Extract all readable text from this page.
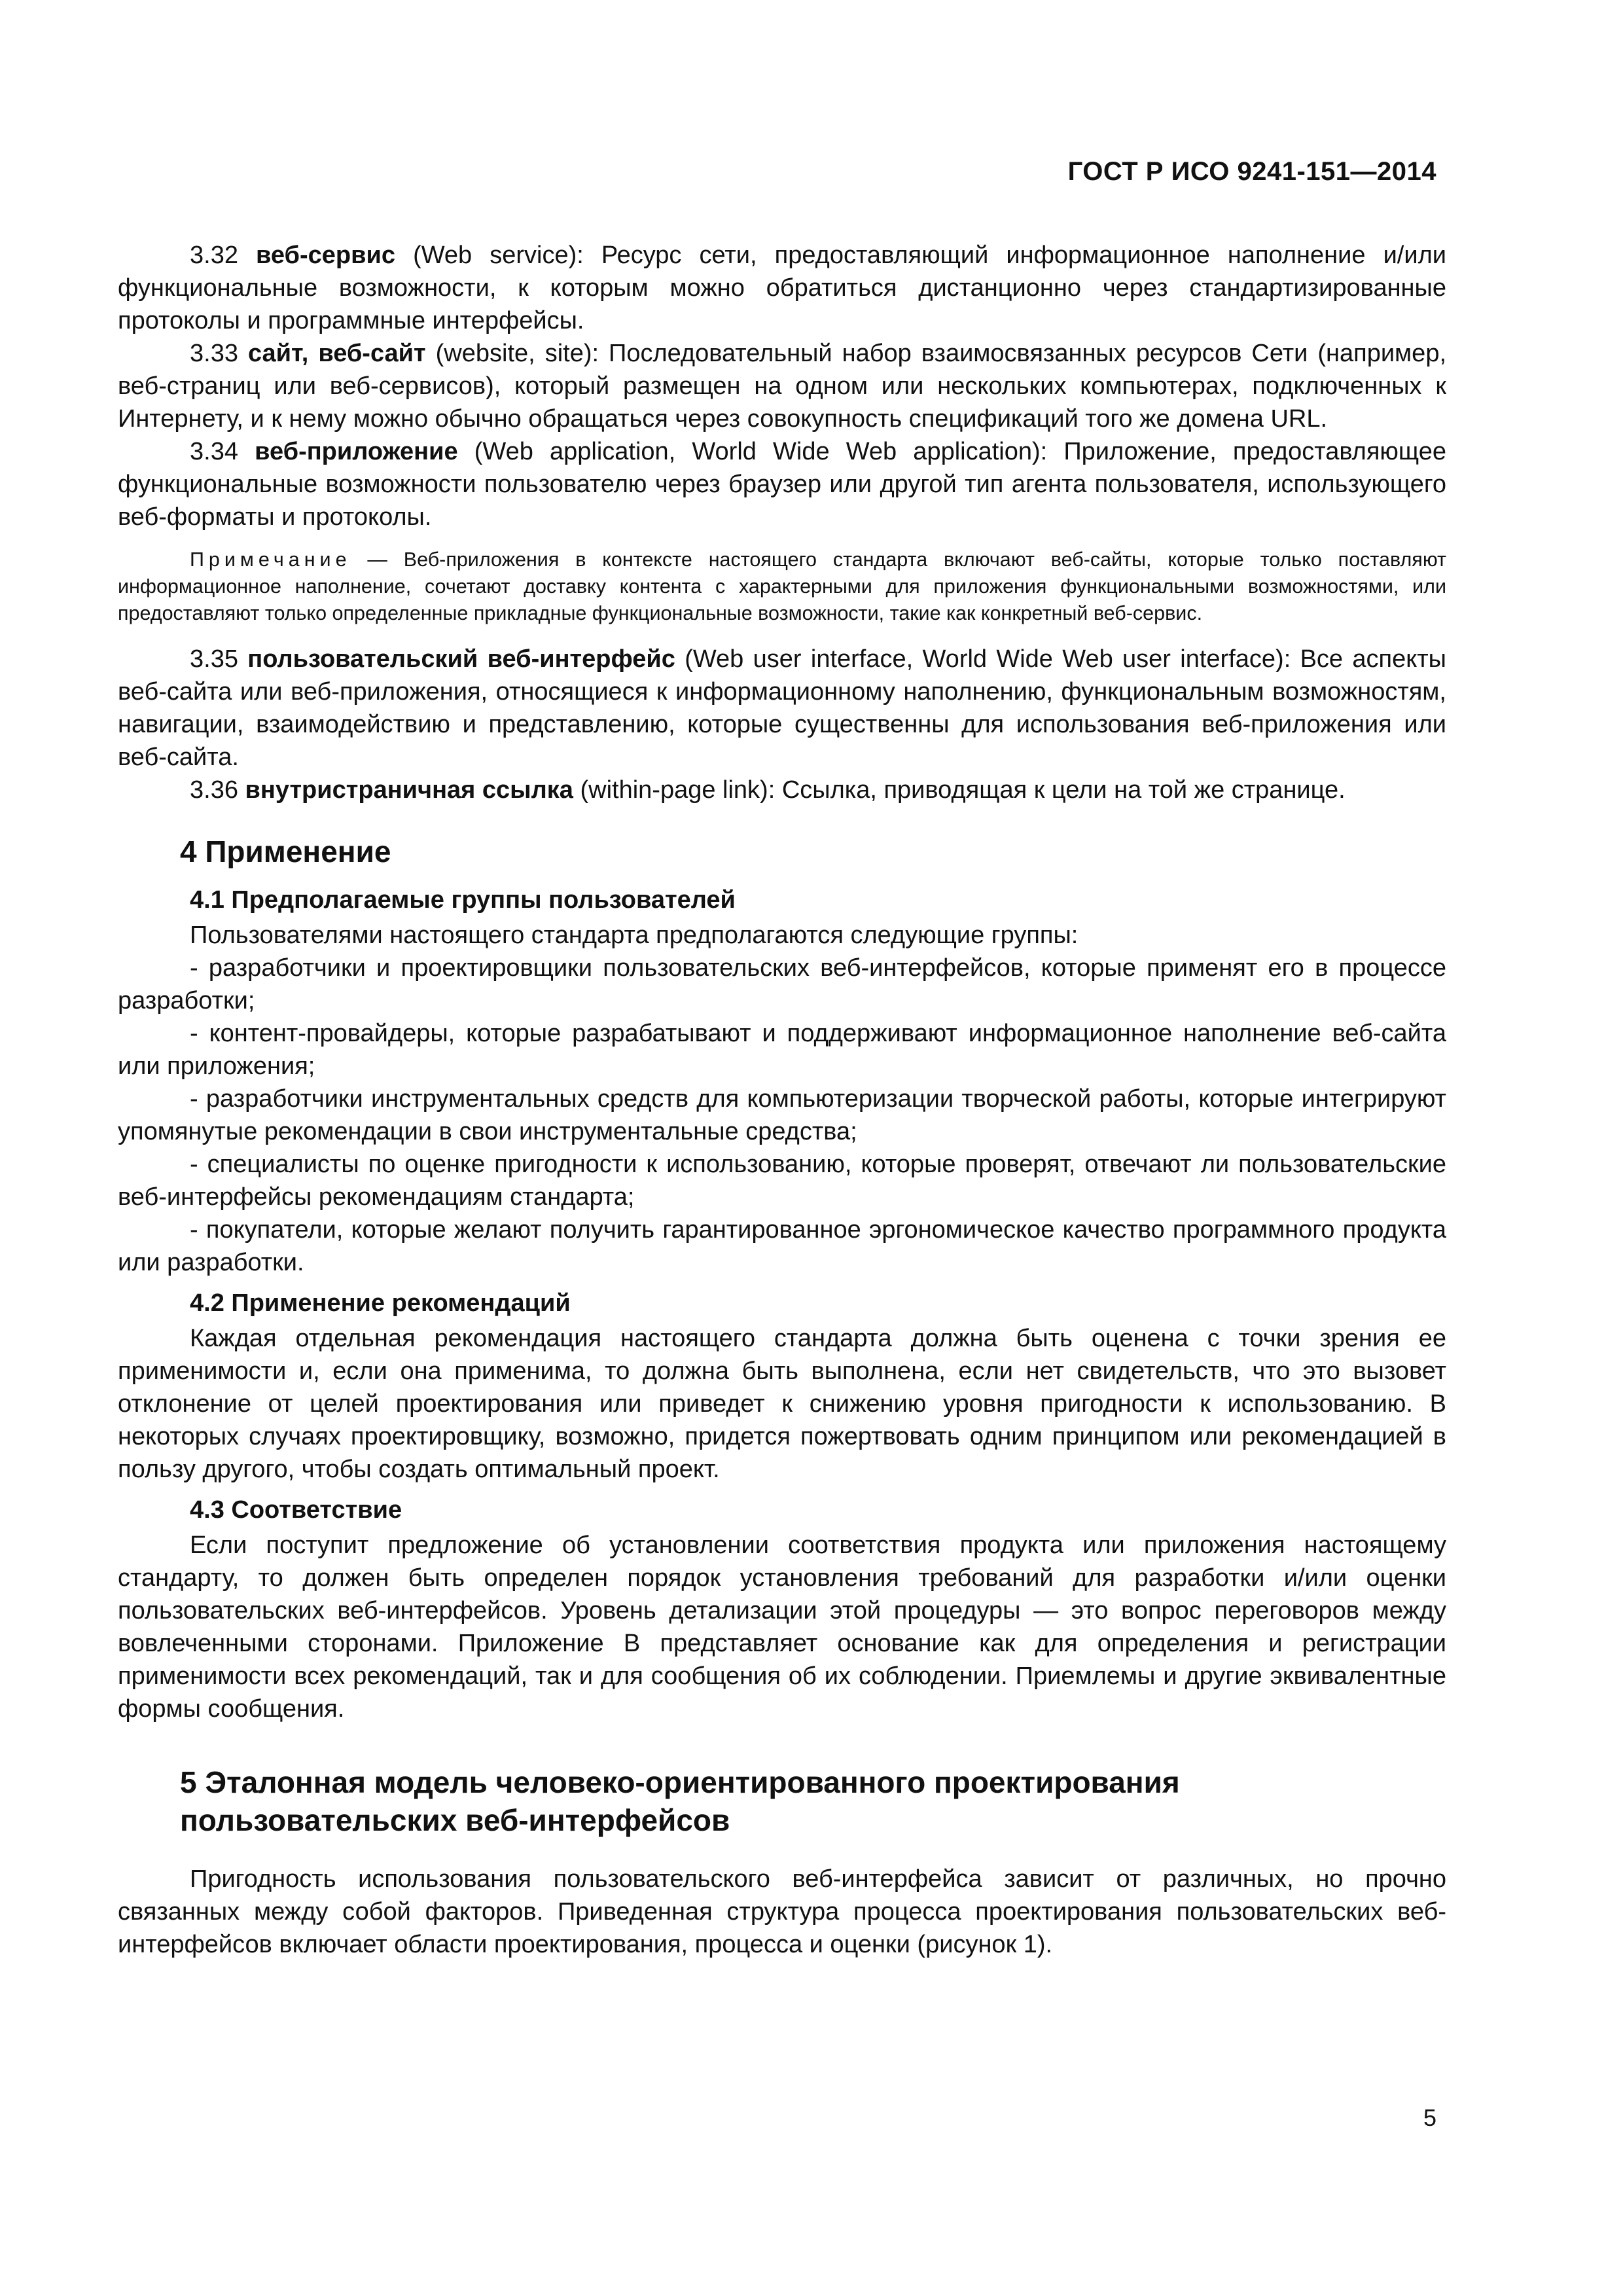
ГОСТ Р ИСО 9241-151—2014

3.32 веб-сервис (Web service): Ресурс сети, предоставляющий информационное наполнение и/или функциональные возможности, к которым можно обратиться дистанционно через стандартизированные протоколы и программные интерфейсы.

3.33 сайт, веб-сайт (website, site): Последовательный набор взаимосвязанных ресурсов Сети (например, веб-страниц или веб-сервисов), который размещен на одном или нескольких компьютерах, подключенных к Интернету, и к нему можно обычно обращаться через совокупность спецификаций того же домена URL.

3.34 веб-приложение (Web application, World Wide Web application): Приложение, предоставляющее функциональные возможности пользователю через браузер или другой тип агента пользователя, использующего веб-форматы и протоколы.

Примечание — Веб-приложения в контексте настоящего стандарта включают веб-сайты, которые только поставляют информационное наполнение, сочетают доставку контента с характерными для приложения функциональными возможностями, или предоставляют только определенные прикладные функциональные возможности, такие как конкретный веб-сервис.

3.35 пользовательский веб-интерфейс (Web user interface, World Wide Web user interface): Все аспекты веб-сайта или веб-приложения, относящиеся к информационному наполнению, функциональным возможностям, навигации, взаимодействию и представлению, которые существенны для использования веб-приложения или веб-сайта.

3.36 внутристраничная ссылка (within-page link): Ссылка, приводящая к цели на той же странице.

4 Применение
4.1 Предполагаемые группы пользователей

Пользователями настоящего стандарта предполагаются следующие группы:

- разработчики и проектировщики пользовательских веб-интерфейсов, которые применят его в процессе разработки;

- контент-провайдеры, которые разрабатывают и поддерживают информационное наполнение веб-сайта или приложения;

- разработчики инструментальных средств для компьютеризации творческой работы, которые интегрируют упомянутые рекомендации в свои инструментальные средства;

- специалисты по оценке пригодности к использованию, которые проверят, отвечают ли пользовательские веб-интерфейсы рекомендациям стандарта;

- покупатели, которые желают получить гарантированное эргономическое качество программного продукта или разработки.

4.2 Применение рекомендаций

Каждая отдельная рекомендация настоящего стандарта должна быть оценена с точки зрения ее применимости и, если она применима, то должна быть выполнена, если нет свидетельств, что это вызовет отклонение от целей проектирования или приведет к снижению уровня пригодности к использованию. В некоторых случаях проектировщику, возможно, придется пожертвовать одним принципом или рекомендацией в пользу другого, чтобы создать оптимальный проект.

4.3 Соответствие

Если поступит предложение об установлении соответствия продукта или приложения настоящему стандарту, то должен быть определен порядок установления требований для разработки и/или оценки пользовательских веб-интерфейсов. Уровень детализации этой процедуры — это вопрос переговоров между вовлеченными сторонами. Приложение В представляет основание как для определения и регистрации применимости всех рекомендаций, так и для сообщения об их соблюдении. Приемлемы и другие эквивалентные формы сообщения.

5 Эталонная модель человеко-ориентированного проектирования
пользовательских веб-интерфейсов

Пригодность использования пользовательского веб-интерфейса зависит от различных, но прочно связанных между собой факторов. Приведенная структура процесса проектирования пользовательских веб-интерфейсов включает области проектирования, процесса и оценки (рисунок 1).

5
